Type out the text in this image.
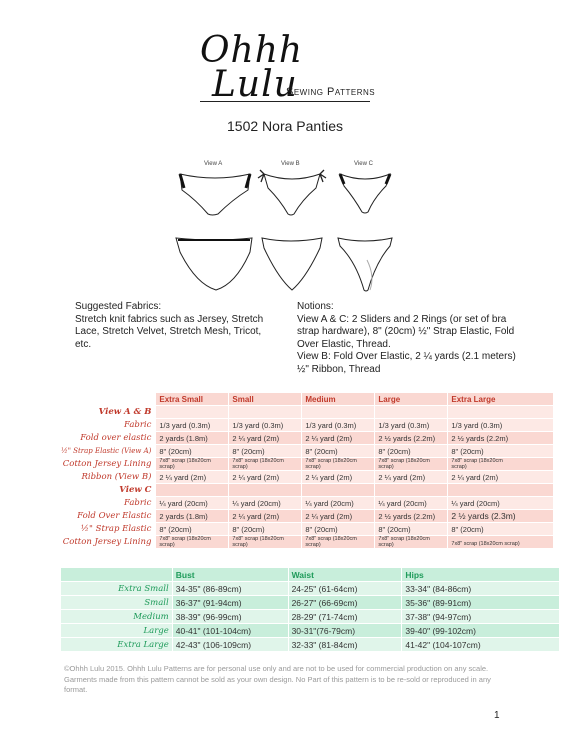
Ohhh
Lulu
Sewing Patterns
1502 Nora Panties
View A	View B	View C
Suggested Fabrics:
Stretch knit fabrics such as Jersey, Stretch
Lace, Stretch Velvet, Stretch Mesh, Tricot,
etc.
Notions:
View A & C: 2 Sliders and 2 Rings (or set of bra
strap hardware), 8" (20cm) ½" Strap Elastic, Fold
Over Elastic, Thread.
View B: Fold Over Elastic, 2 ¼ yards (2.1 meters)
½" Ribbon, Thread
	Extra Small	Small	Medium	Large	Extra Large
View A & B					
Fabric	1/3 yard (0.3m)	1/3 yard (0.3m)	1/3 yard (0.3m)	1/3 yard (0.3m)	1/3 yard (0.3m)
Fold over elastic	2 yards (1.8m)	2 ¼ yard (2m)	2 ¼ yard (2m)	2 ½ yards (2.2m)	2 ½ yards (2.2m)
½" Strap Elastic (View A)	8" (20cm)	8" (20cm)	8" (20cm)	8" (20cm)	8" (20cm)
Cotton Jersey Lining	7x8" scrap (18x20cm scrap)	7x8" scrap (18x20cm scrap)	7x8" scrap (18x20cm scrap)	7x8" scrap (18x20cm scrap)	7x8" scrap (18x20cm scrap)
Ribbon (View B)	2 ¼ yard (2m)	2 ¼ yard (2m)	2 ¼ yard (2m)	2 ¼ yard (2m)	2 ¼ yard (2m)
View C					
Fabric	¼ yard (20cm)	¼ yard (20cm)	¼ yard (20cm)	¼ yard (20cm)	¼ yard (20cm)
Fold Over Elastic	2 yards (1.8m)	2 ¼ yard (2m)	2 ¼ yard (2m)	2 ½ yards (2.2m)	2 ½ yards (2.3m)
½" Strap Elastic	8" (20cm)	8" (20cm)	8" (20cm)	8" (20cm)	8" (20cm)
Cotton Jersey Lining	7x8" scrap (18x20cm scrap)	7x8" scrap (18x20cm scrap)	7x8" scrap (18x20cm scrap)	7x8" scrap (18x20cm scrap)	7x8" scrap (18x20cm scrap)
	Bust	Waist	Hips
Extra Small	34-35" (86-89cm)	24-25" (61-64cm)	33-34" (84-86cm)
Small	36-37" (91-94cm)	26-27" (66-69cm)	35-36" (89-91cm)
Medium	38-39" (96-99cm)	28-29" (71-74cm)	37-38" (94-97cm)
Large	40-41" (101-104cm)	30-31"(76-79cm)	39-40" (99-102cm)
Extra Large	42-43" (106-109cm)	32-33" (81-84cm)	41-42" (104-107cm)
©Ohhh Lulu 2015. Ohhh Lulu Patterns are for personal use only and are not to be used for commercial production on any scale. Garments made from this pattern cannot be sold as your own design. No Part of this pattern is to be re-sold or reproduced in any format.
1
